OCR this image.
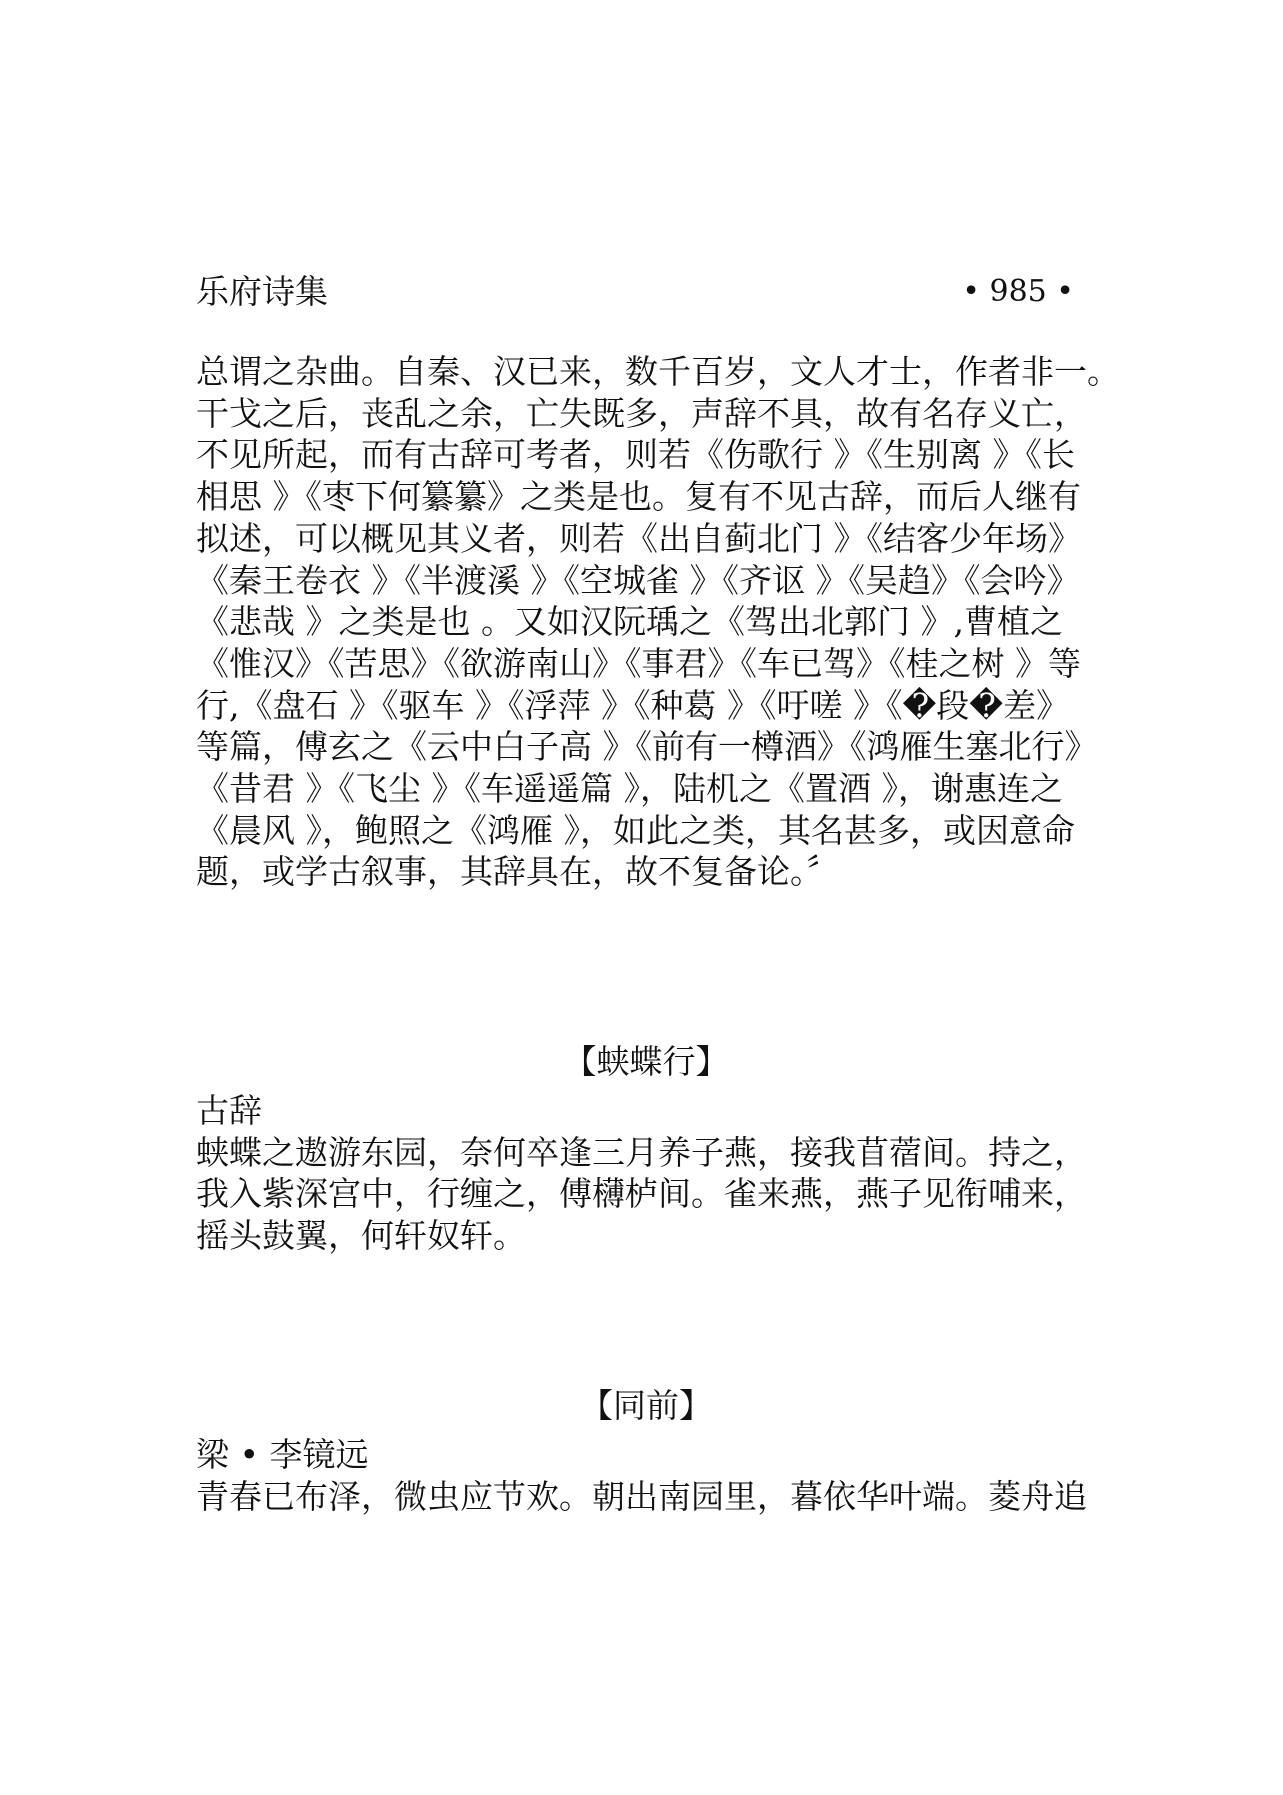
乐府诗集	• 985 •

总谓之杂曲。自秦、汉已来，数千百岁，文人才士，作者非一。

干戈之后，丧乱之余，亡失既多，声辞不具，故有名存义亡，

不见所起，而有古辞可考者，则若《伤歌行 》《生别离 》《长

相思 》《枣下何纂纂》之类是也。复有不见古辞，而后人继有

拟述，可以概见其义者，则若《出自蓟北门 》《结客少年场》

《秦王卷衣 》《半渡溪 》《空城雀 》《齐讴 》《吴趋》《会吟》

《悲哉 》之类是也 。又如汉阮瑀之《驾出北郭门 》,曹植之

《惟汉》《苦思》《欲游南山》《事君》《车已驾》《桂之树 》等

行,《盘石 》《驱车 》《浮萍 》《种葛 》《吁嗟 》《�段�差》

等篇，傅玄之《云中白子高 》《前有一樽酒》《鸿雁生塞北行》

《昔君 》《飞尘 》《车遥遥篇 》，陆机之《置酒 》，谢惠连之

《晨风 》，鲍照之《鸿雁 》，如此之类，其名甚多，或因意命

题，或学古叙事，其辞具在，故不复备论。〞

【蛱蝶行】

古辞

蛱蝶之遨游东园，奈何卒逢三月养子燕，接我苜蓿间。持之，

我入紫深宫中，行缠之，傅欂栌间。雀来燕，燕子见衔哺来，

摇头鼓翼，何轩奴轩。

【同前】

梁 • 李镜远

青春已布泽，微虫应节欢。朝出南园里，暮依华叶端。菱舟追
